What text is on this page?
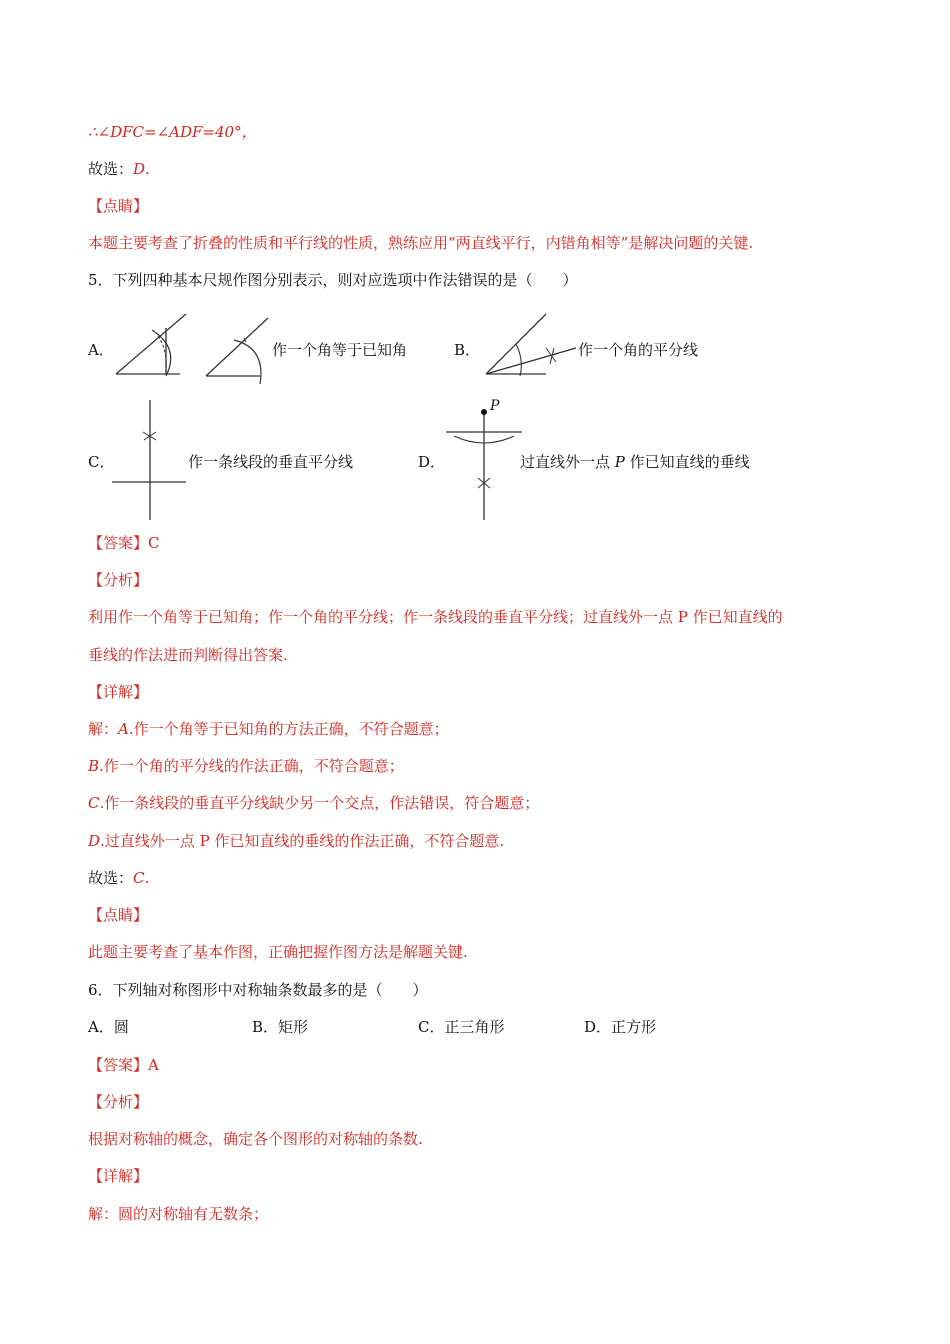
∴∠DFC=∠ADF=40°，
故选：D.
【点睛】
本题主要考查了折叠的性质和平行线的性质，熟练应用“两直线平行，内错角相等”是解决问题的关键.
5．下列四种基本尺规作图分别表示，则对应选项中作法错误的是（　　）
A．	作一个角等于已知角	B．	作一个角的平分线
C．	作一条线段的垂直平分线	D．
P
过直线外一点 P 作已知直线的垂线
【答案】C
【分析】
利用作一个角等于已知角；作一个角的平分线；作一条线段的垂直平分线；过直线外一点 P 作已知直线的
垂线的作法进而判断得出答案.
【详解】
解：A.作一个角等于已知角的方法正确，不符合题意；
B.作一个角的平分线的作法正确，不符合题意；
C.作一条线段的垂直平分线缺少另一个交点，作法错误，符合题意；
D.过直线外一点 P 作已知直线的垂线的作法正确，不符合题意.
故选：C.
【点睛】
此题主要考查了基本作图，正确把握作图方法是解题关键.
6．下列轴对称图形中对称轴条数最多的是（　　）
A．圆	B．矩形	C．正三角形	D．正方形
【答案】A
【分析】
根据对称轴的概念，确定各个图形的对称轴的条数.
【详解】
解：圆的对称轴有无数条；
